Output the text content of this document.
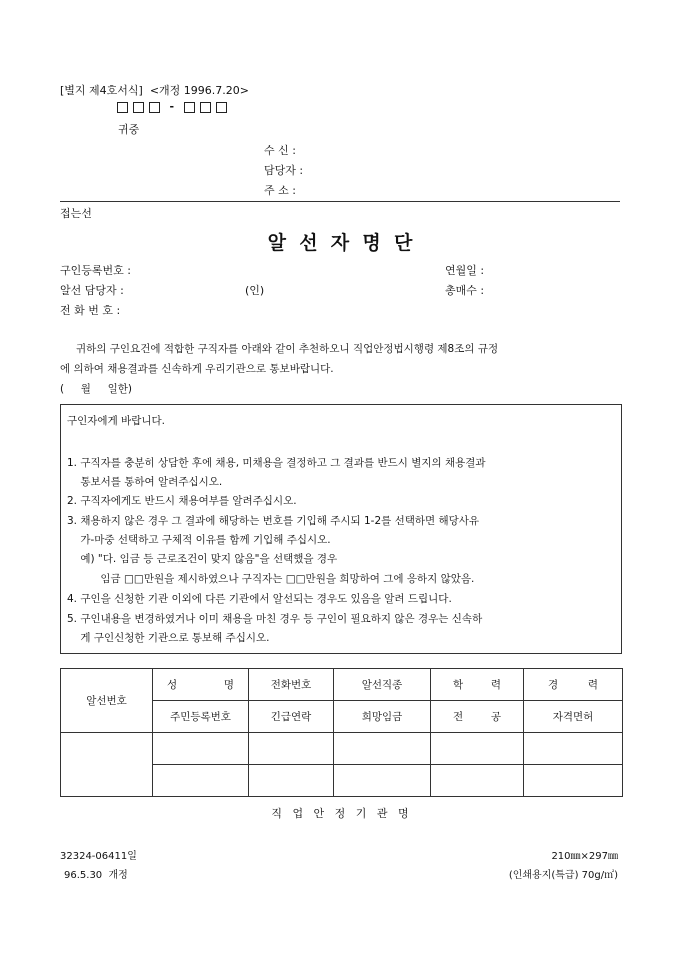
[별지 제4호서식] <개정 1996.7.20>
-
귀중
수 신 :
담당자 :
주 소 :
접는선
알  선  자  명  단
구인등록번호 :
알선 담당자 :	(인)
전 화 번 호 :
연월일 :
총매수 :
귀하의 구인요건에 적합한 구직자를 아래와 같이 추천하오니 직업안정법시행령 제8조의 규정
에 의하여 채용결과를 신속하게 우리기관으로 통보바랍니다.
(     월     일한)
구인자에게 바랍니다.
1. 구직자를 충분히 상담한 후에 채용, 미채용을 결정하고 그 결과를 반드시 별지의 채용결과
통보서를 통하여 알려주십시오.
2. 구직자에게도 반드시 채용여부를 알려주십시오.
3. 채용하지 않은 경우 그 결과에 해당하는 번호를 기입해 주시되 1-2를 선택하면 해당사유
가-마중 선택하고 구체적 이유를 함께 기입해 주십시오.
예) "다. 임금 등 근로조건이 맞지 않음"을 선택했을 경우
임금 □□만원을 제시하였으나 구직자는 □□만원을 희망하여 그에 응하지 않았음.
4. 구인을 신청한 기관 이외에 다른 기관에서 알선되는 경우도 있음을 알려 드립니다.
5. 구인내용을 변경하였거나 이미 채용을 마친 경우 등 구인이 필요하지 않은 경우는 신속하
게 구인신청한 기관으로 통보해 주십시오.
알선번호	성 명	전화번호	알선직종	학 력	경 력

	주민등록번호	긴급연락	희망임금	전 공	자격면허

직   업   안   정   기   관   명
32324-06411일
96.5.30  개정
210㎜×297㎜
(인쇄용지(특급) 70g/㎡)
